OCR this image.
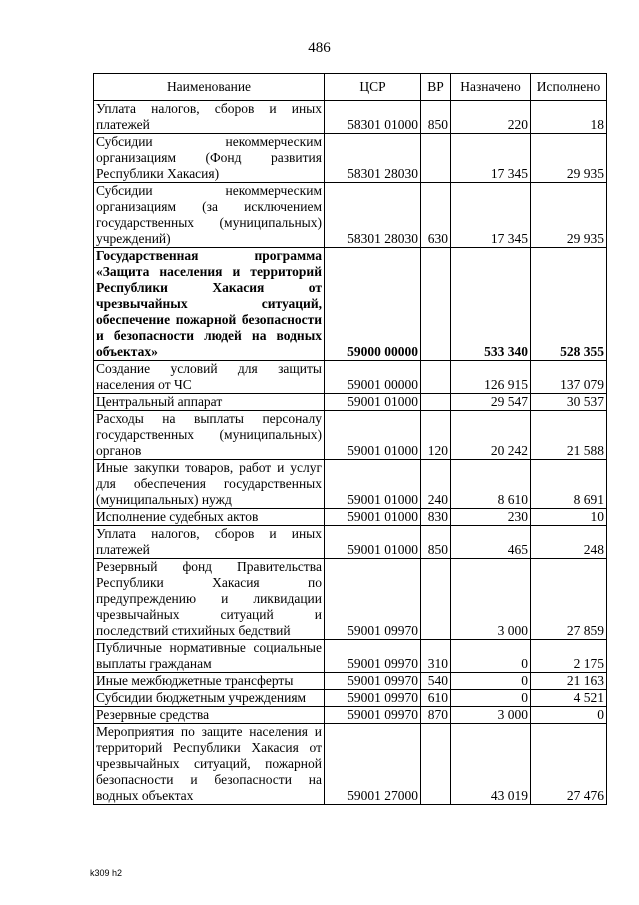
486
Наименование	ЦСР	ВР	Назначено	Исполнено
Уплата налогов, сборов и иных платежей	58301 01000	850	220	18
Субсидии некоммерческим организациям (Фонд развития Республики Хакасия)	58301 28030		17 345	29 935
Субсидии некоммерческим организациям (за исключением государственных (муниципальных) учреждений)	58301 28030	630	17 345	29 935
Государственная программа «Защита населения и территорий Республики Хакасия от чрезвычайных ситуаций, обеспечение пожарной безопасности и безопасности людей на водных объектах»	59000 00000		533 340	528 355
Создание условий для защиты населения от ЧС	59001 00000		126 915	137 079
Центральный аппарат	59001 01000		29 547	30 537
Расходы на выплаты персоналу государственных (муниципальных) органов	59001 01000	120	20 242	21 588
Иные закупки товаров, работ и услуг для обеспечения государственных (муниципальных) нужд	59001 01000	240	8 610	8 691
Исполнение судебных актов	59001 01000	830	230	10
Уплата налогов, сборов и иных платежей	59001 01000	850	465	248
Резервный фонд Правительства Республики Хакасия по предупреждению и ликвидации чрезвычайных ситуаций и последствий стихийных бедствий	59001 09970		3 000	27 859
Публичные нормативные социальные выплаты гражданам	59001 09970	310	0	2 175
Иные межбюджетные трансферты	59001 09970	540	0	21 163
Субсидии бюджетным учреждениям	59001 09970	610	0	4 521
Резервные средства	59001 09970	870	3 000	0
Мероприятия по защите населения и территорий Республики Хакасия от чрезвычайных ситуаций, пожарной безопасности и безопасности на водных объектах	59001 27000		43 019	27 476
k309 h2
